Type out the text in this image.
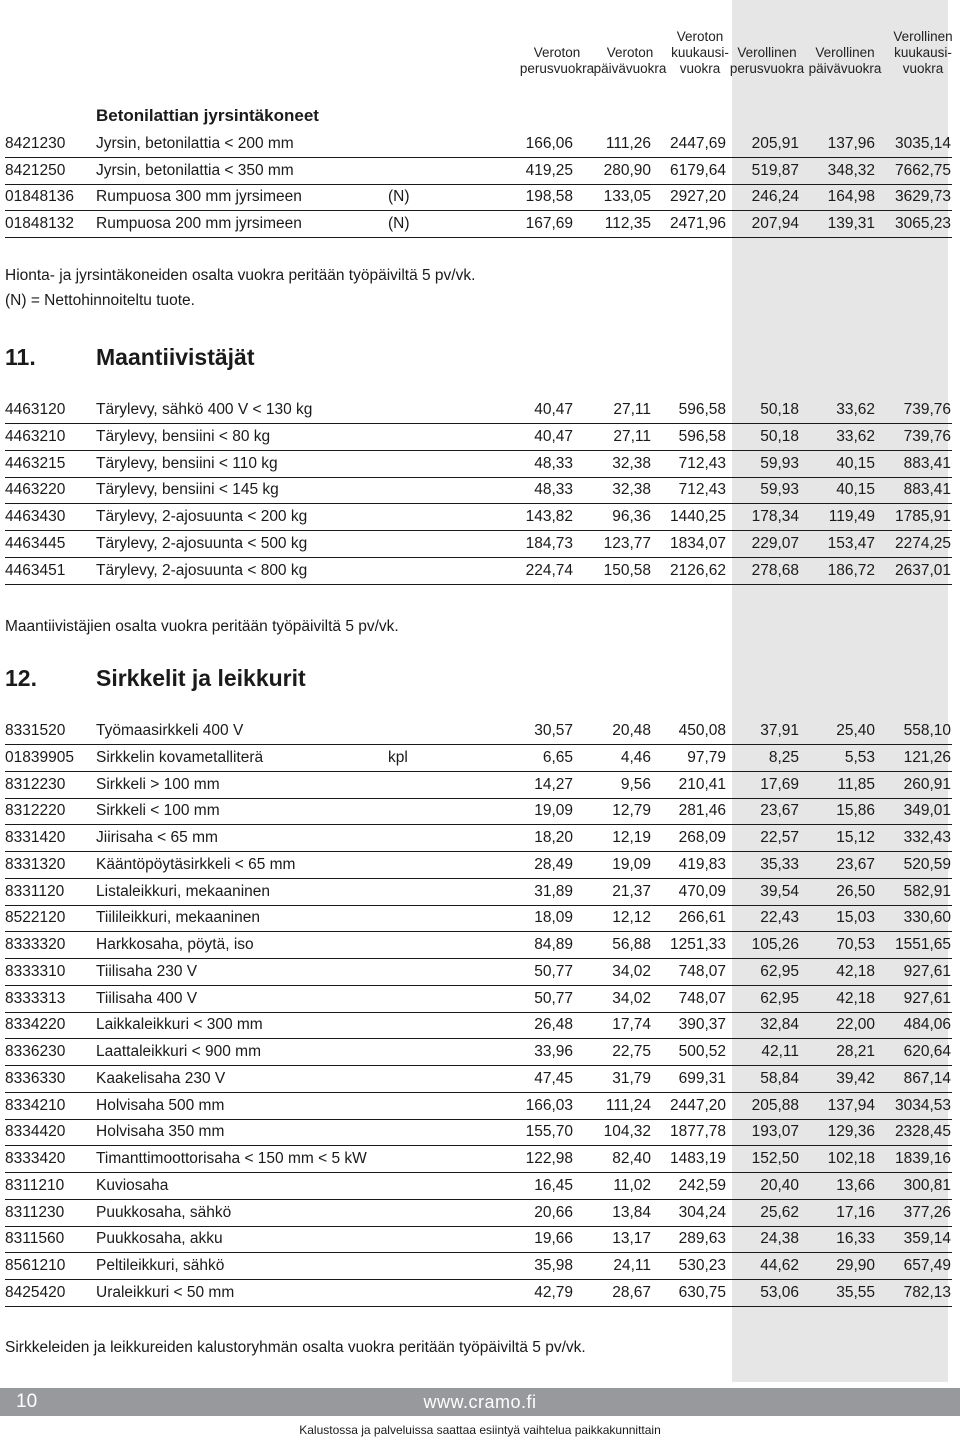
Veroton
perusvuokra
Veroton
päivävuokra
Veroton
kuukausi-
vuokra
Verollinen
perusvuokra
Verollinen
päivävuokra
Verollinen
kuukausi-
vuokra
Betonilattian jyrsintäkoneet
8421230 Jyrsin, betonilattia < 200 mm	166,06	111,26	2447,69	205,91	137,96	3035,14
8421250 Jyrsin, betonilattia < 350 mm	419,25	280,90	6179,64	519,87	348,32	7662,75
01848136 Rumpuosa 300 mm jyrsimeen	(N)	198,58	133,05	2927,20	246,24	164,98	3629,73
01848132 Rumpuosa 200 mm jyrsimeen	(N)	167,69	112,35	2471,96	207,94	139,31	3065,23
Hionta- ja jyrsintäkoneiden osalta vuokra peritään työpäiviltä 5 pv/vk.
(N) = Nettohinnoiteltu tuote.
11.	Maantiivistäjät
4463120 Tärylevy, sähkö 400 V < 130 kg	40,47	27,11	596,58	50,18	33,62	739,76
4463210 Tärylevy, bensiini < 80 kg	40,47	27,11	596,58	50,18	33,62	739,76
4463215 Tärylevy, bensiini < 110 kg	48,33	32,38	712,43	59,93	40,15	883,41
4463220 Tärylevy, bensiini < 145 kg	48,33	32,38	712,43	59,93	40,15	883,41
4463430 Tärylevy, 2-ajosuunta < 200 kg	143,82	96,36	1440,25	178,34	119,49	1785,91
4463445 Tärylevy, 2-ajosuunta < 500 kg	184,73	123,77	1834,07	229,07	153,47	2274,25
4463451 Tärylevy, 2-ajosuunta < 800 kg	224,74	150,58	2126,62	278,68	186,72	2637,01
Maantiivistäjien osalta vuokra peritään työpäiviltä 5 pv/vk.
12.	Sirkkelit ja leikkurit
8331520 Työmaasirkkeli 400 V	30,57	20,48	450,08	37,91	25,40	558,10
01839905 Sirkkelin kovametalliterä	kpl	6,65	4,46	97,79	8,25	5,53	121,26
8312230 Sirkkeli > 100 mm	14,27	9,56	210,41	17,69	11,85	260,91
8312220 Sirkkeli < 100 mm	19,09	12,79	281,46	23,67	15,86	349,01
8331420 Jiirisaha < 65 mm	18,20	12,19	268,09	22,57	15,12	332,43
8331320 Kääntöpöytäsirkkeli < 65 mm	28,49	19,09	419,83	35,33	23,67	520,59
8331120 Listaleikkuri, mekaaninen	31,89	21,37	470,09	39,54	26,50	582,91
8522120 Tiilileikkuri, mekaaninen	18,09	12,12	266,61	22,43	15,03	330,60
8333320 Harkkosaha, pöytä, iso	84,89	56,88	1251,33	105,26	70,53	1551,65
8333310 Tiilisaha 230 V	50,77	34,02	748,07	62,95	42,18	927,61
8333313 Tiilisaha 400 V	50,77	34,02	748,07	62,95	42,18	927,61
8334220 Laikkaleikkuri < 300 mm	26,48	17,74	390,37	32,84	22,00	484,06
8336230 Laattaleikkuri < 900 mm	33,96	22,75	500,52	42,11	28,21	620,64
8336330 Kaakelisaha 230 V	47,45	31,79	699,31	58,84	39,42	867,14
8334210 Holvisaha 500 mm	166,03	111,24	2447,20	205,88	137,94	3034,53
8334420 Holvisaha 350 mm	155,70	104,32	1877,78	193,07	129,36	2328,45
8333420 Timanttimoottorisaha < 150 mm < 5 kW	122,98	82,40	1483,19	152,50	102,18	1839,16
8311210 Kuviosaha	16,45	11,02	242,59	20,40	13,66	300,81
8311230 Puukkosaha, sähkö	20,66	13,84	304,24	25,62	17,16	377,26
8311560 Puukkosaha, akku	19,66	13,17	289,63	24,38	16,33	359,14
8561210 Peltileikkuri, sähkö	35,98	24,11	530,23	44,62	29,90	657,49
8425420 Uraleikkuri < 50 mm	42,79	28,67	630,75	53,06	35,55	782,13
Sirkkeleiden ja leikkureiden kalustoryhmän osalta vuokra peritään työpäiviltä 5 pv/vk.
10	www.cramo.fi
Kalustossa ja palveluissa saattaa esiintyä vaihtelua paikkakunnittain
